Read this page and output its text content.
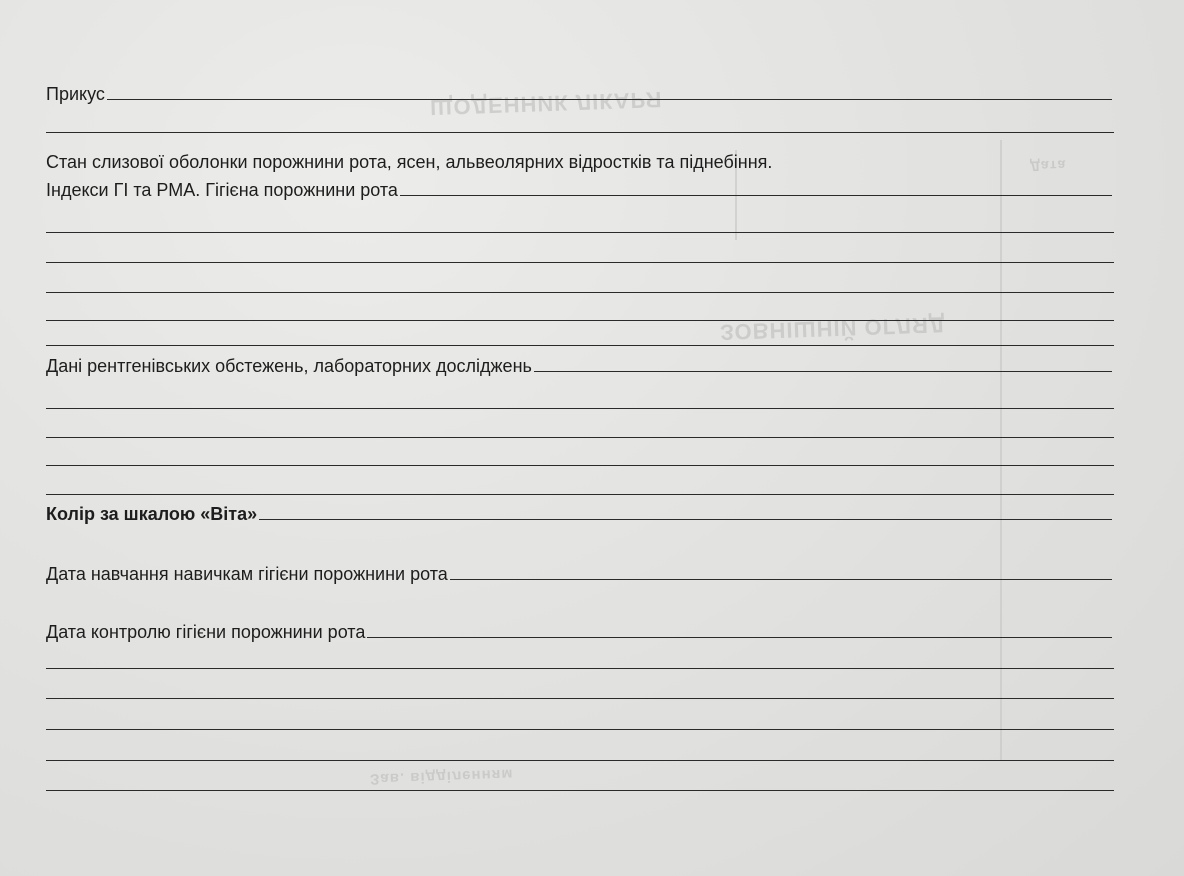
ЩОДЕННИК ЛІКАРЯ
Дата
ЗОВНІШНІЙ ОГЛЯД
Зав. відділенням
Прикус
Стан слизової оболонки порожнини рота, ясен, альвеолярних відростків та піднебіння.
Індекси ГІ та РМА. Гігієна порожнини рота
Дані рентгенівських обстежень, лабораторних досліджень
Колір за шкалою «Віта»
Дата навчання навичкам гігієни порожнини рота
Дата контролю гігієни порожнини рота
